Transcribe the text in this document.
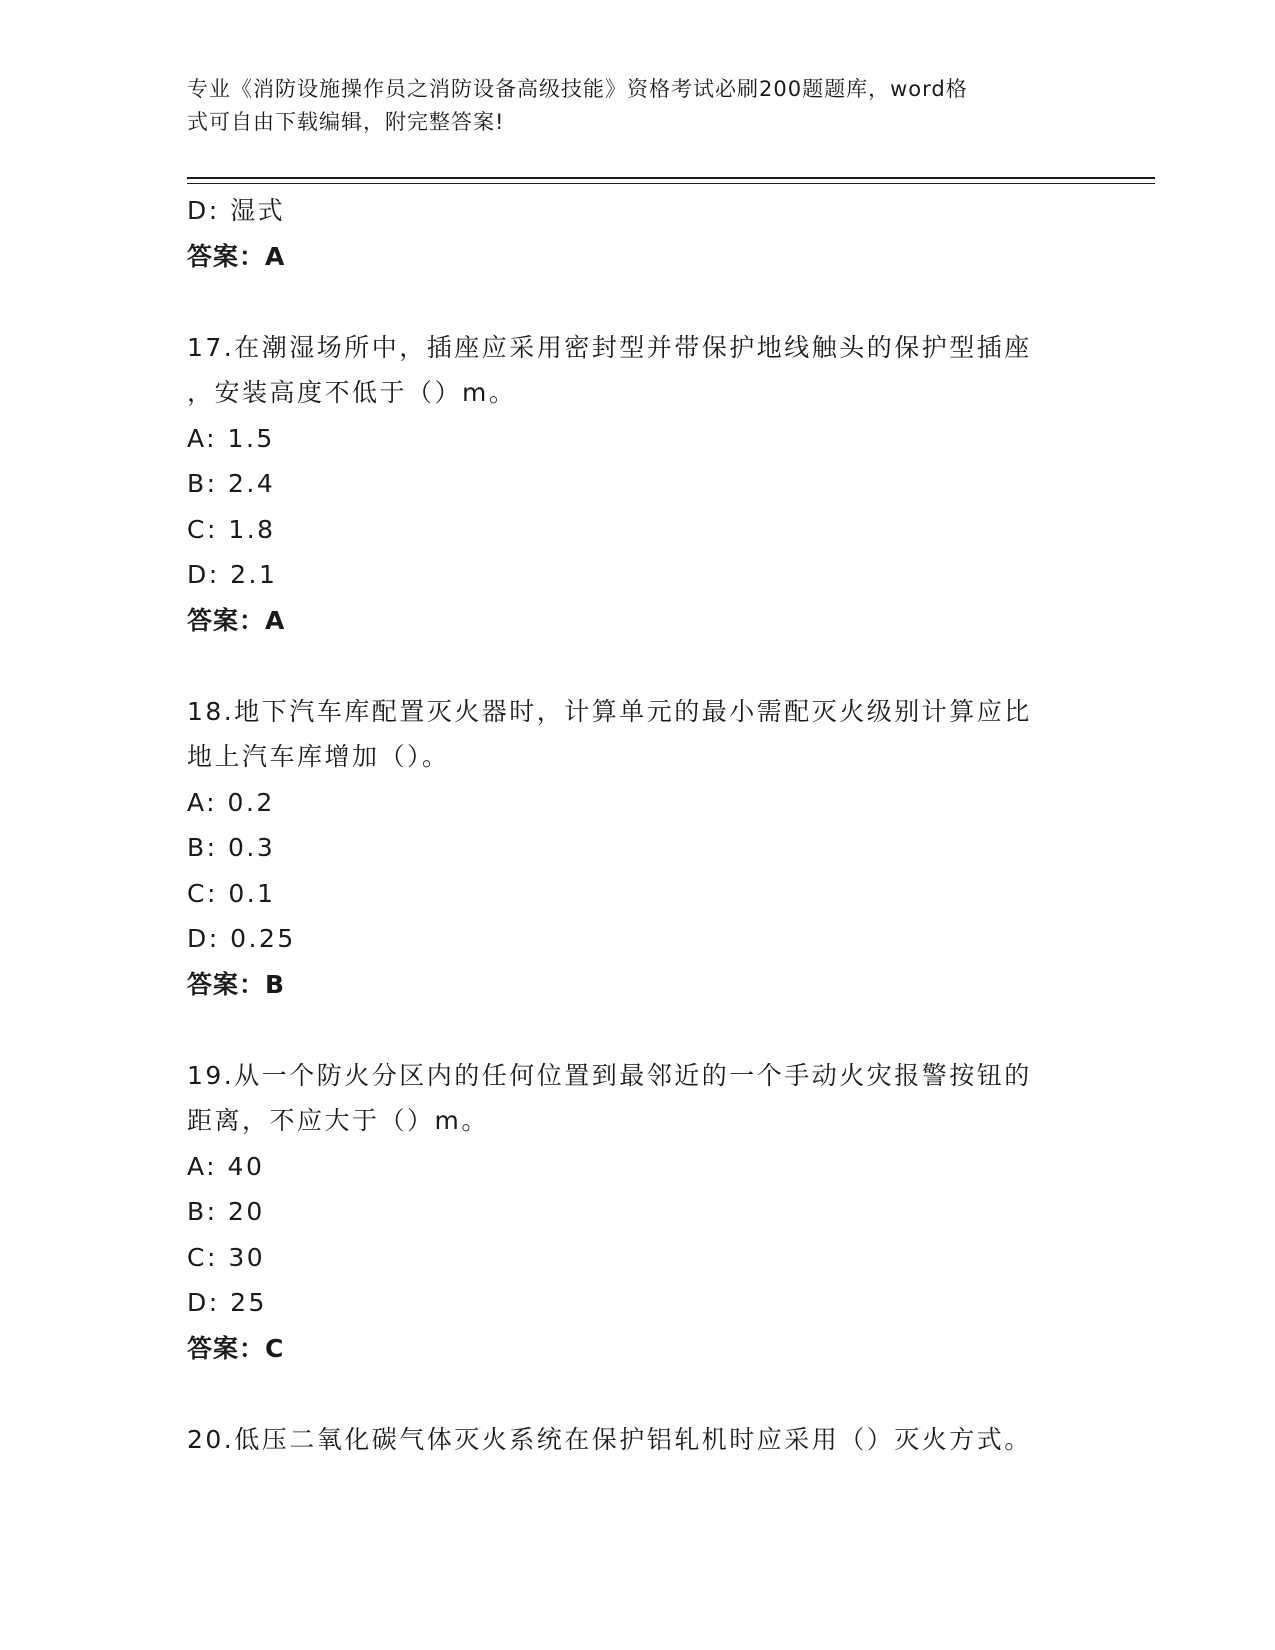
专业《消防设施操作员之消防设备高级技能》资格考试必刷200题题库，word格
式可自由下载编辑，附完整答案!
D: 湿式
答案：A
17.在潮湿场所中，插座应采用密封型并带保护地线触头的保护型插座
，安装高度不低于（）m。
A: 1.5
B: 2.4
C: 1.8
D: 2.1
答案：A
18.地下汽车库配置灭火器时，计算单元的最小需配灭火级别计算应比
地上汽车库增加（）。
A: 0.2
B: 0.3
C: 0.1
D: 0.25
答案：B
19.从一个防火分区内的任何位置到最邻近的一个手动火灾报警按钮的
距离，不应大于（）m。
A: 40
B: 20
C: 30
D: 25
答案：C
20.低压二氧化碳气体灭火系统在保护铝轧机时应采用（）灭火方式。
